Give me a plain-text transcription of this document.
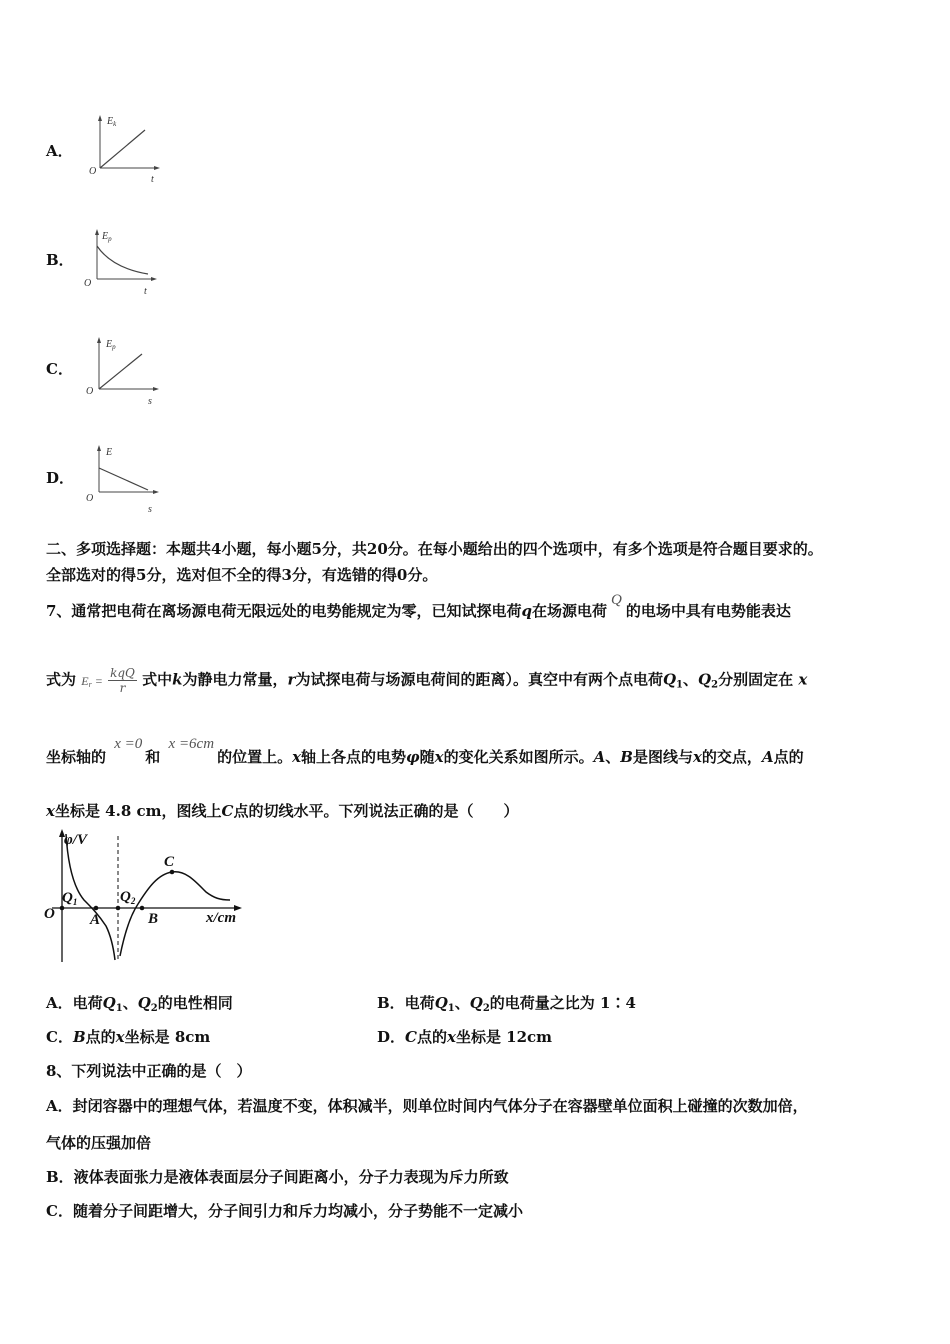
A．
$E_k$
O
t
B．
$E_p$
O
t
C．
$E_p$
O
s
D．
E
O
s
二、多项选择题：本题共4小题，每小题5分，共20分。在每小题给出的四个选项中，有多个选项是符合题目要求的。
全部选对的得5分，选对但不全的得3分，有选错的得0分。
7、通常把电荷在离场源电荷无限远处的电势能规定为零，已知试探电荷q在场源电荷Q的电场中具有电势能表达
式为 $Er = \frac{\text{kqQ}}{r}$ 式中k为静电力常量，r为试探电荷与场源电荷间的距离）。真空中有两个点电荷$Q_1$、$Q_2$分别固定在 x
坐标轴的 x =0和 x =6cm的位置上。x轴上各点的电势φ随x的变化关系如图所示。A、B是图线与x的交点，A点的
x坐标是 4.8 cm，图线上C点的切线水平。下列说法正确的是（　　）
φ/V
O
$Q_1$	$Q_2$
A	B
C
x/cm
A．电荷$Q_1$、$Q_2$的电性相同	B．电荷$Q_1$、$Q_2$的电荷量之比为 1∶4
C．B点的x坐标是 8cm	D．C点的x坐标是 12cm
8、下列说法中正确的是（　）
A．封闭容器中的理想气体，若温度不变，体积减半，则单位时间内气体分子在容器壁单位面积上碰撞的次数加倍，
气体的压强加倍
B．液体表面张力是液体表面层分子间距离小，分子力表现为斥力所致
C．随着分子间距增大，分子间引力和斥力均减小，分子势能不一定减小
